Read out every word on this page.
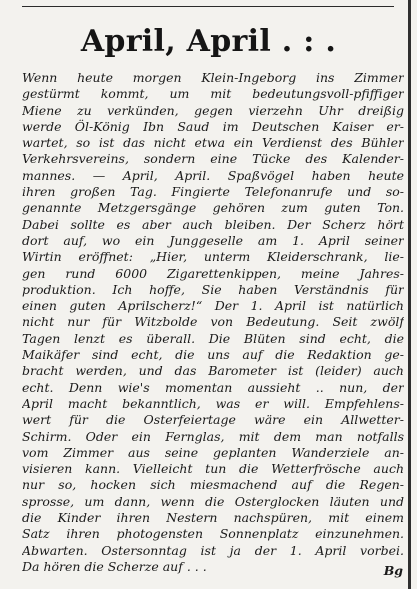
April, April . : .
Wenn heute morgen Klein-Ingeborg ins Zimmer
gestürmt kommt, um mit bedeutungsvoll-pfiffiger
Miene zu verkünden, gegen vierzehn Uhr dreißig
werde Öl-König Ibn Saud im Deutschen Kaiser er-
wartet, so ist das nicht etwa ein Verdienst des Bühler
Verkehrsvereins, sondern eine Tücke des Kalender-
mannes. — April, April. Spaßvögel haben heute
ihren großen Tag. Fingierte Telefonanrufe und so-
genannte Metzgersgänge gehören zum guten Ton.
Dabei sollte es aber auch bleiben. Der Scherz hört
dort auf, wo ein Junggeselle am 1. April seiner
Wirtin eröffnet: „Hier, unterm Kleiderschrank, lie-
gen rund 6000 Zigarettenkippen, meine Jahres-
produktion. Ich hoffe, Sie haben Verständnis für
einen guten Aprilscherz!“ Der 1. April ist natürlich
nicht nur für Witzbolde von Bedeutung. Seit zwölf
Tagen lenzt es überall. Die Blüten sind echt, die
Maikäfer sind echt, die uns auf die Redaktion ge-
bracht werden, und das Barometer ist (leider) auch
echt. Denn wie's momentan aussieht .. nun, der
April macht bekanntlich, was er will. Empfehlens-
wert für die Osterfeiertage wäre ein Allwetter-
Schirm. Oder ein Fernglas, mit dem man notfalls
vom Zimmer aus seine geplanten Wanderziele an-
visieren kann. Vielleicht tun die Wetterfrösche auch
nur so, hocken sich miesmachend auf die Regen-
sprosse, um dann, wenn die Osterglocken läuten und
die Kinder ihren Nestern nachspüren, mit einem
Satz ihren photogensten Sonnenplatz einzunehmen.
Abwarten. Ostersonntag ist ja der 1. April vorbei.
Da hören die Scherze auf . . .	Bg
